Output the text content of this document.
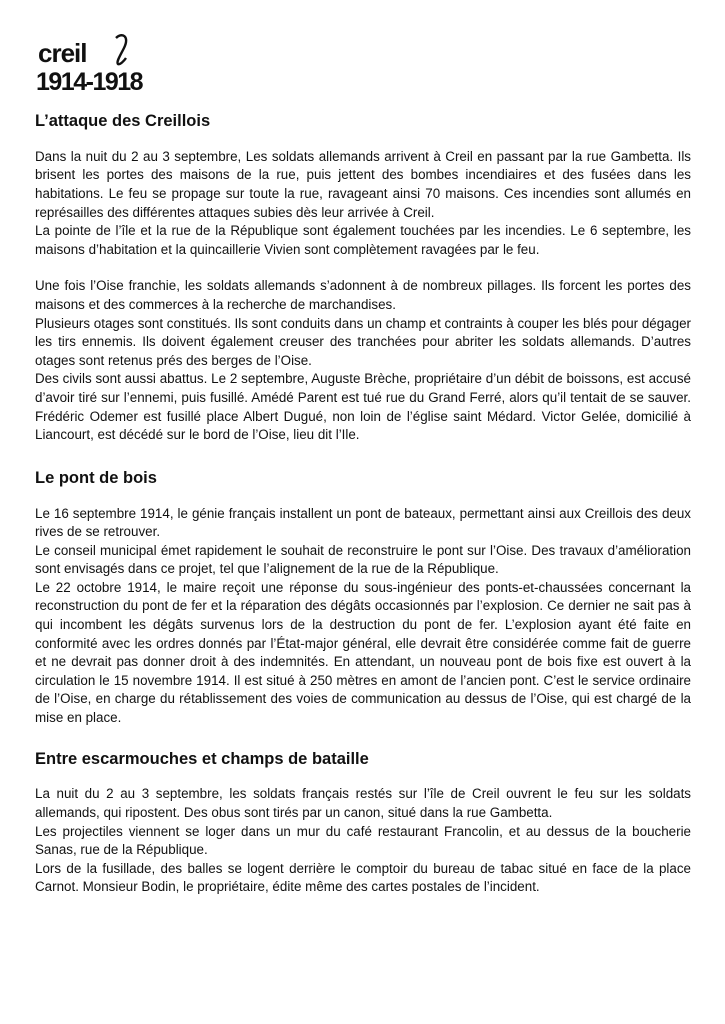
creil
1914-1918
L’attaque des Creillois

Dans la nuit du 2 au 3 septembre, Les soldats allemands arrivent à Creil en passant par la rue Gambetta. Ils brisent les portes des maisons de la rue, puis jettent des bombes incendiaires et des fusées dans les habitations. Le feu se propage sur toute la rue, ravageant ainsi 70 maisons. Ces incendies sont allumés en représailles des différentes attaques subies dès leur arrivée à Creil.

La pointe de l’île et la rue de la République sont également touchées par les incendies. Le 6 septembre, les maisons d’habitation et la quincaillerie Vivien sont complètement ravagées par le feu.

Une fois l’Oise franchie, les soldats allemands s’adonnent à de nombreux pillages. Ils forcent les portes des maisons et des commerces à la recherche de marchandises.

Plusieurs otages sont constitués. Ils sont conduits dans un champ et contraints à couper les blés pour dégager les tirs ennemis. Ils doivent également creuser des tranchées pour abriter les soldats allemands. D’autres otages sont retenus prés des berges de l’Oise.

Des civils sont aussi abattus. Le 2 septembre, Auguste Brèche, propriétaire d’un débit de boissons, est accusé d’avoir tiré sur l’ennemi, puis fusillé. Amédé Parent est tué rue du Grand Ferré, alors qu’il tentait de se sauver. Frédéric Odemer est fusillé place Albert Dugué, non loin de l’église saint Médard. Victor Gelée, domicilié à Liancourt, est décédé sur le bord de l’Oise, lieu dit l’Ile.

Le pont de bois

Le 16 septembre 1914, le génie français installent un pont de bateaux, permettant ainsi aux Creillois des deux rives de se retrouver.

Le conseil municipal émet rapidement le souhait de reconstruire le pont sur l’Oise. Des travaux d’amélioration sont envisagés dans ce projet, tel que l’alignement de la rue de la République.

Le 22 octobre 1914, le maire reçoit une réponse du sous-ingénieur des ponts-et-chaussées concernant la reconstruction du pont de fer et la réparation des dégâts occasionnés par l’explosion. Ce dernier ne sait pas à qui incombent les dégâts survenus lors de la destruction du pont de fer. L’explosion ayant été faite en conformité avec les ordres donnés par l’État-major général, elle devrait être considérée comme fait de guerre et ne devrait pas donner droit à des indemnités. En attendant, un nouveau pont de bois fixe est ouvert à la circulation le 15 novembre 1914. Il est situé à 250 mètres en amont de l’ancien pont. C’est le service ordinaire de l’Oise, en charge du rétablissement des voies de communication au dessus de l’Oise, qui est chargé de la mise en place.

Entre escarmouches et champs de bataille

La nuit du 2 au 3 septembre, les soldats français restés sur l’île de Creil ouvrent le feu sur les soldats allemands, qui ripostent. Des obus sont tirés par un canon, situé dans la rue Gambetta.

Les projectiles viennent se loger dans un mur du café restaurant Francolin, et au dessus de la boucherie Sanas, rue de la République.

Lors de la fusillade, des balles se logent derrière le comptoir du bureau de tabac situé en face de la place Carnot. Monsieur Bodin, le propriétaire, édite même des cartes postales de l’incident.
